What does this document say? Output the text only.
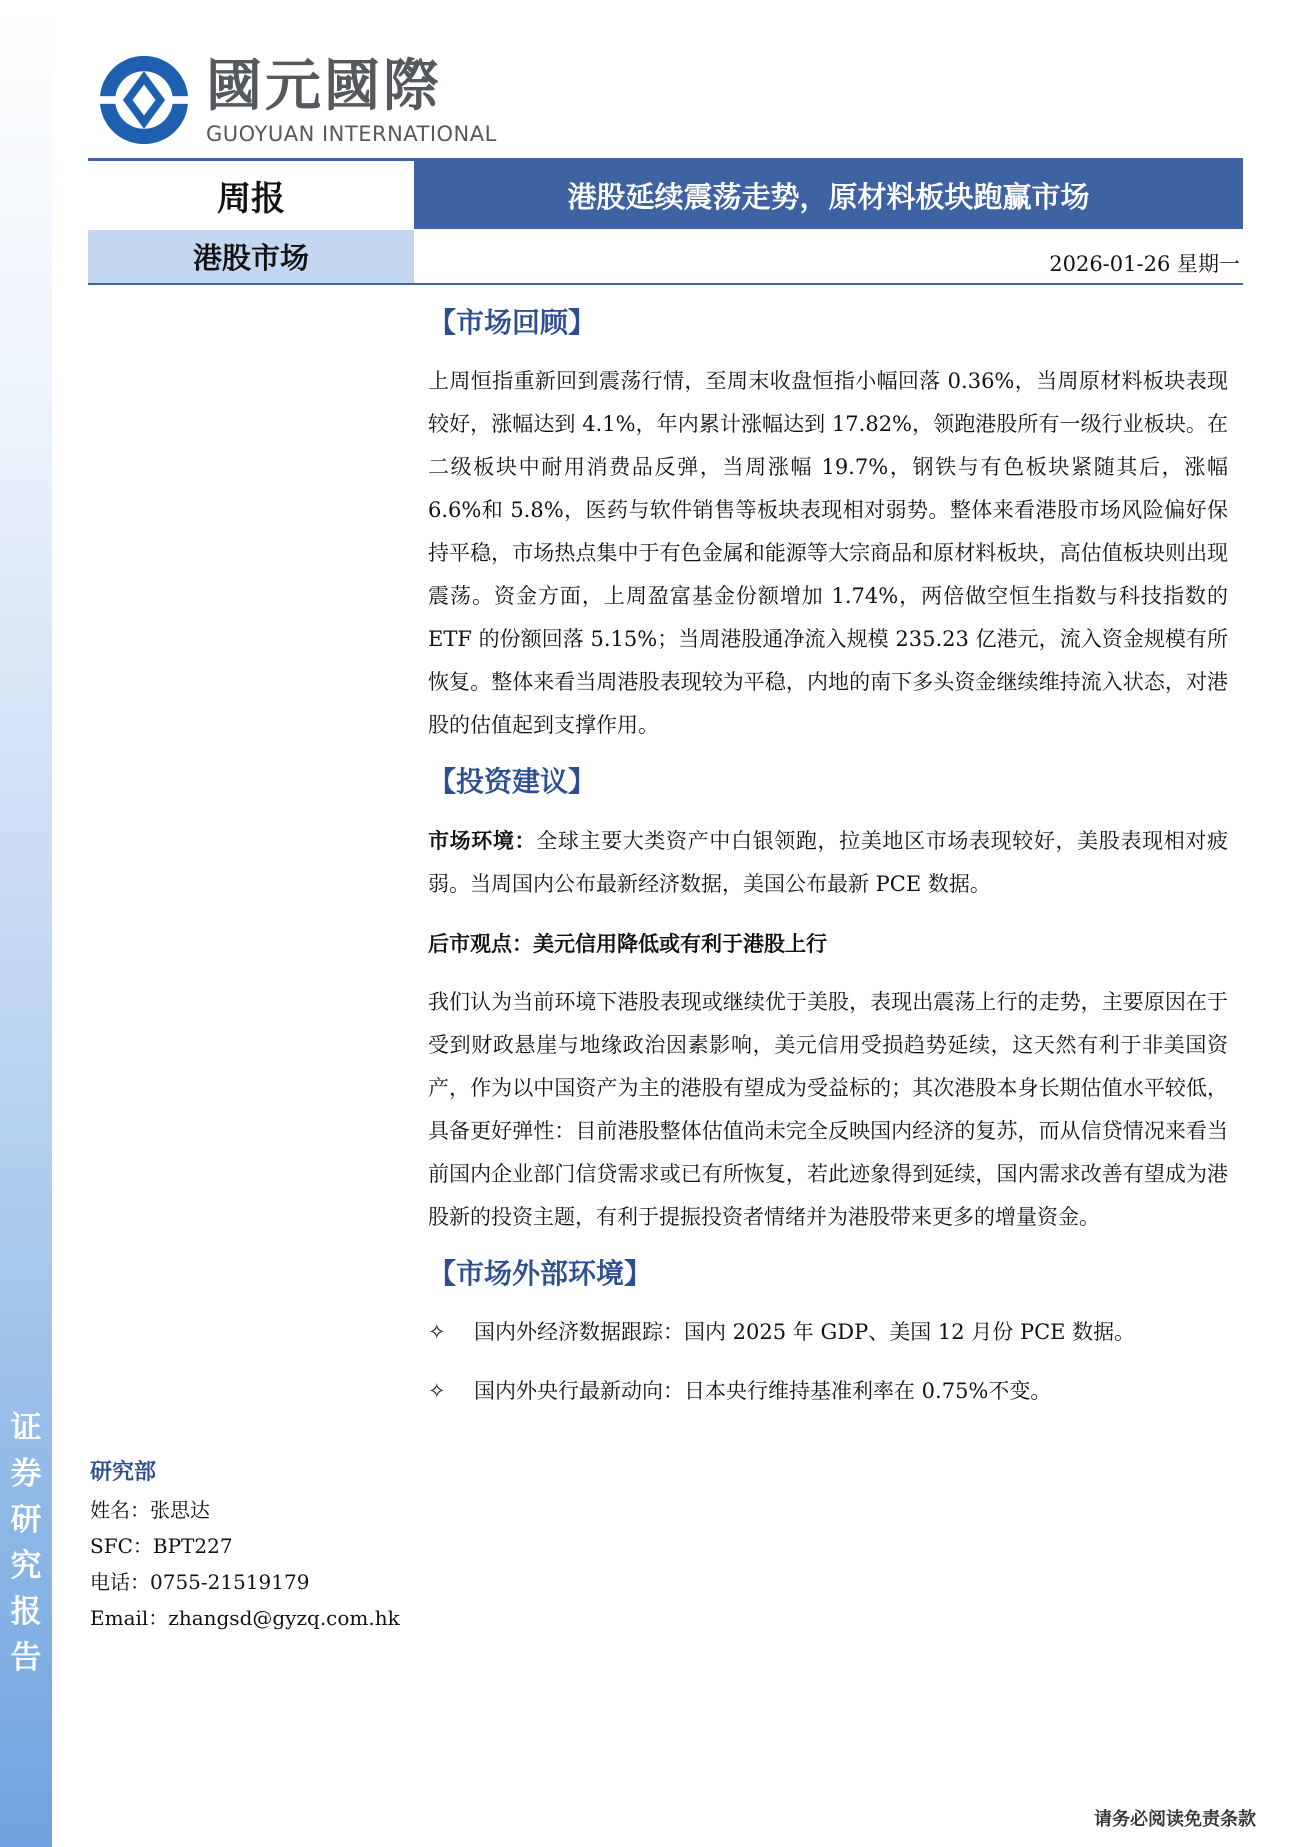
证
券
研
究
报
告
國元國際
GUOYUAN INTERNATIONAL
周报	港股延续震荡走势，原材料板块跑赢市场
港股市场	2026-01-26 星期一
【市场回顾】

上周恒指重新回到震荡行情，至周末收盘恒指小幅回落 0.36%，当周原材料板块表现较好，涨幅达到 4.1%，年内累计涨幅达到 17.82%，领跑港股所有一级行业板块。在二级板块中耐用消费品反弹，当周涨幅 19.7%，钢铁与有色板块紧随其后，涨幅 6.6%和 5.8%，医药与软件销售等板块表现相对弱势。整体来看港股市场风险偏好保持平稳，市场热点集中于有色金属和能源等大宗商品和原材料板块，高估值板块则出现震荡。资金方面，上周盈富基金份额增加 1.74%，两倍做空恒生指数与科技指数的 ETF 的份额回落 5.15%；当周港股通净流入规模 235.23 亿港元，流入资金规模有所恢复。整体来看当周港股表现较为平稳，内地的南下多头资金继续维持流入状态，对港股的估值起到支撑作用。

【投资建议】

市场环境：全球主要大类资产中白银领跑，拉美地区市场表现较好，美股表现相对疲弱。当周国内公布最新经济数据，美国公布最新 PCE 数据。

后市观点：美元信用降低或有利于港股上行

我们认为当前环境下港股表现或继续优于美股，表现出震荡上行的走势，主要原因在于受到财政悬崖与地缘政治因素影响，美元信用受损趋势延续，这天然有利于非美国资产，作为以中国资产为主的港股有望成为受益标的；其次港股本身长期估值水平较低，具备更好弹性：目前港股整体估值尚未完全反映国内经济的复苏，而从信贷情况来看当前国内企业部门信贷需求或已有所恢复，若此迹象得到延续，国内需求改善有望成为港股新的投资主题，有利于提振投资者情绪并为港股带来更多的增量资金。

【市场外部环境】

✧	国内外经济数据跟踪：国内 2025 年 GDP、美国 12 月份 PCE 数据。

✧	国内外央行最新动向：日本央行维持基准利率在 0.75%不变。

研究部
姓名：张思达
SFC：BPT227
电话：0755-21519179
Email：zhangsd@gyzq.com.hk
请务必阅读免责条款
